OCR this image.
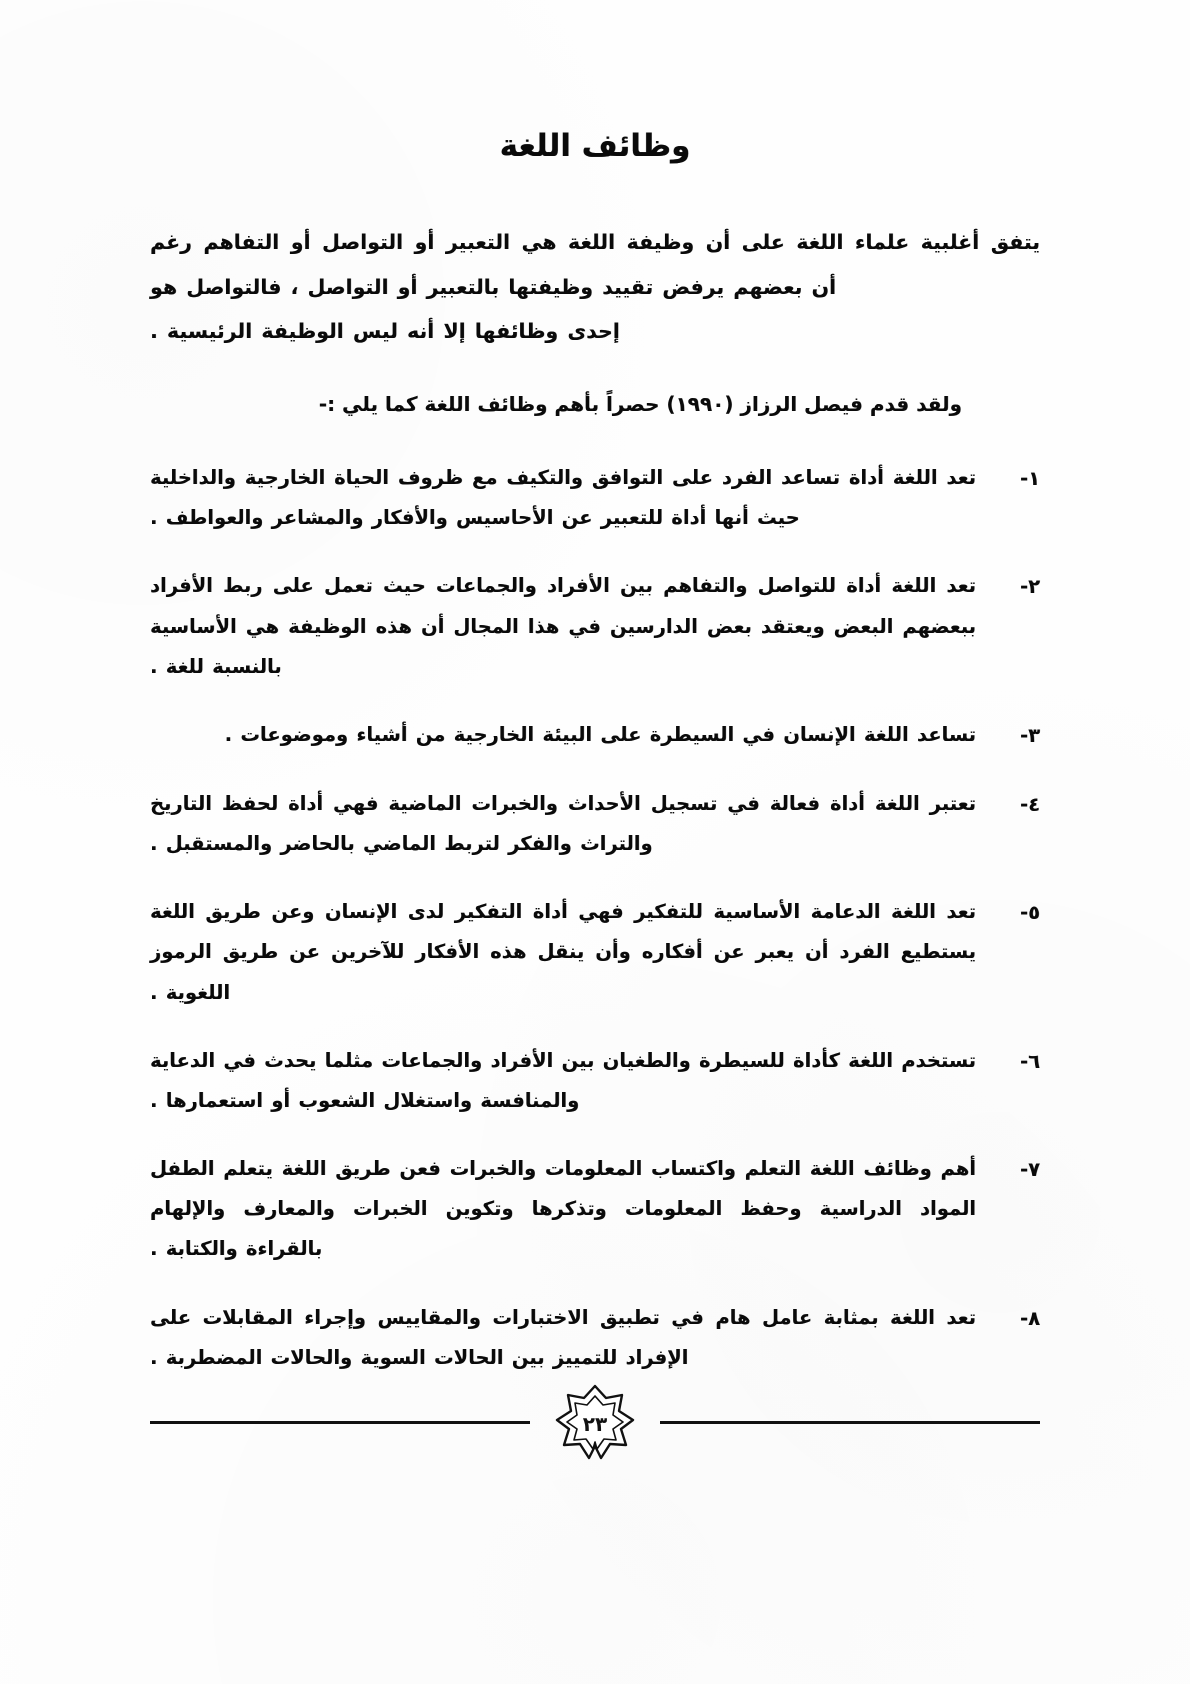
وظائف اللغة

يتفق أغلبية علماء اللغة على أن وظيفة اللغة هي التعبير أو التواصل أو التفاهم رغم أن بعضهم يرفض تقييد وظيفتها بالتعبير أو التواصل ، فالتواصل هو
إحدى وظائفها إلا أنه ليس الوظيفة الرئيسية .

ولقد قدم فيصل الرزاز (١٩٩٠) حصراً بأهم وظائف اللغة كما يلي :-

١-
تعد اللغة أداة تساعد الفرد على التوافق والتكيف مع ظروف الحياة الخارجية والداخلية حيث أنها أداة للتعبير عن الأحاسيس والأفكار والمشاعر والعواطف .
٢-
تعد اللغة أداة للتواصل والتفاهم بين الأفراد والجماعات حيث تعمل على ربط الأفراد ببعضهم البعض ويعتقد بعض الدارسين في هذا المجال أن هذه الوظيفة هي الأساسية بالنسبة للغة .
٣-
تساعد اللغة الإنسان في السيطرة على البيئة الخارجية من أشياء وموضوعات .
٤-
تعتبر اللغة أداة فعالة في تسجيل الأحداث والخبرات الماضية فهي أداة لحفظ التاريخ والتراث والفكر لتربط الماضي بالحاضر والمستقبل .
٥-
تعد اللغة الدعامة الأساسية للتفكير فهي أداة التفكير لدى الإنسان وعن طريق اللغة يستطيع الفرد أن يعبر عن أفكاره وأن ينقل هذه الأفكار للآخرين عن طريق الرموز اللغوية .
٦-
تستخدم اللغة كأداة للسيطرة والطغيان بين الأفراد والجماعات مثلما يحدث في الدعاية والمنافسة واستغلال الشعوب أو استعمارها .
٧-
أهم وظائف اللغة التعلم واكتساب المعلومات والخبرات فعن طريق اللغة يتعلم الطفل المواد الدراسية وحفظ المعلومات وتذكرها وتكوين الخبرات والمعارف والإلهام بالقراءة والكتابة .
٨-
تعد اللغة بمثابة عامل هام في تطبيق الاختبارات والمقاييس وإجراء المقابلات على الإفراد للتمييز بين الحالات السوية والحالات المضطربة .
٢٣
